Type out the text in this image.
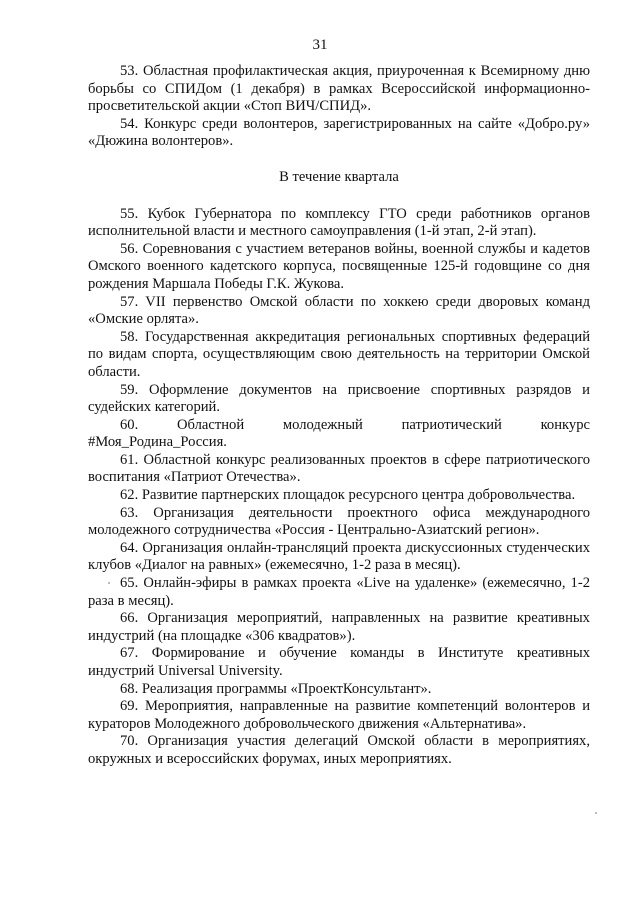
31

53. Областная профилактическая акция, приуроченная к Всемирному дню борьбы со СПИДом (1 декабря) в рамках Всероссийской информационно-просветительской акции «Стоп ВИЧ/СПИД».

54. Конкурс среди волонтеров, зарегистрированных на сайте «Добро.ру» «Дюжина волонтеров».

В течение квартала

55. Кубок Губернатора по комплексу ГТО среди работников органов исполнительной власти и местного самоуправления (1-й этап, 2-й этап).

56. Соревнования с участием ветеранов войны, военной службы и кадетов Омского военного кадетского корпуса, посвященные 125-й годовщине со дня рождения Маршала Победы Г.К. Жукова.

57. VII первенство Омской области по хоккею среди дворовых команд «Омские орлята».

58. Государственная аккредитация региональных спортивных федераций по видам спорта, осуществляющим свою деятельность на территории Омской области.

59. Оформление документов на присвоение спортивных разрядов и судейских категорий.

60.	Областной молодежный патриотический конкурс #Моя_Родина_Россия.

61. Областной конкурс реализованных проектов в сфере патриотического воспитания «Патриот Отечества».

62. Развитие партнерских площадок ресурсного центра добровольчества.

63. Организация деятельности проектного офиса международного молодежного сотрудничества «Россия - Центрально-Азиатский регион».

64. Организация онлайн-трансляций проекта дискуссионных студенческих клубов «Диалог на равных» (ежемесячно, 1-2 раза в месяц).

65. Онлайн-эфиры в рамках проекта «Live на удаленке» (ежемесячно, 1-2 раза в месяц).

66. Организация мероприятий, направленных на развитие креативных индустрий (на площадке «306 квадратов»).

67. Формирование и обучение команды в Институте креативных индустрий Universal University.

68. Реализация программы «ПроектКонсультант».

69. Мероприятия, направленные на развитие компетенций волонтеров и кураторов Молодежного добровольческого движения «Альтернатива».

70. Организация участия делегаций Омской области в мероприятиях, окружных и всероссийских форумах, иных мероприятиях.
